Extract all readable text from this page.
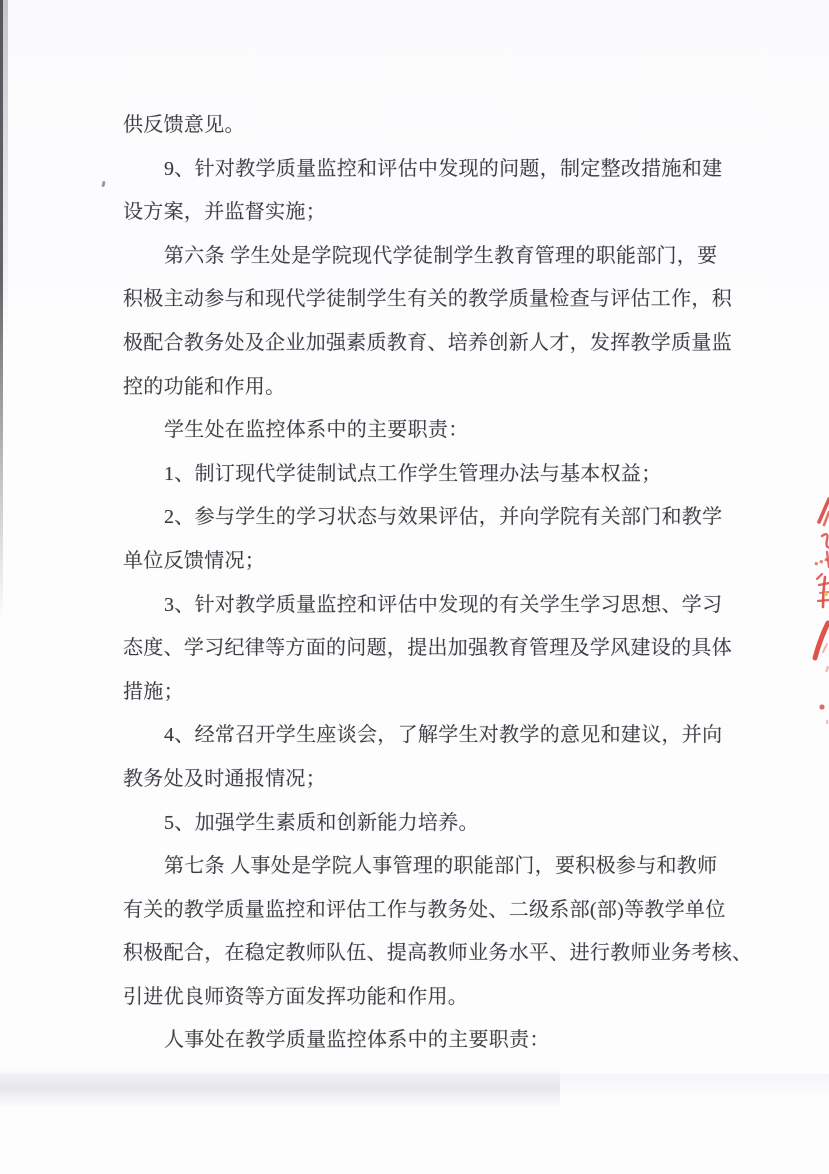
供反馈意见。
9、针对教学质量监控和评估中发现的问题，制定整改措施和建
设方案，并监督实施；
第六条 学生处是学院现代学徒制学生教育管理的职能部门，要
积极主动参与和现代学徒制学生有关的教学质量检查与评估工作，积
极配合教务处及企业加强素质教育、培养创新人才，发挥教学质量监
控的功能和作用。
学生处在监控体系中的主要职责：
1、制订现代学徒制试点工作学生管理办法与基本权益；
2、参与学生的学习状态与效果评估，并向学院有关部门和教学
单位反馈情况；
3、针对教学质量监控和评估中发现的有关学生学习思想、学习
态度、学习纪律等方面的问题，提出加强教育管理及学风建设的具体
措施；
4、经常召开学生座谈会，了解学生对教学的意见和建议，并向
教务处及时通报情况；
5、加强学生素质和创新能力培养。
第七条 人事处是学院人事管理的职能部门，要积极参与和教师
有关的教学质量监控和评估工作与教务处、二级系部(部)等教学单位
积极配合，在稳定教师队伍、提高教师业务水平、进行教师业务考核、
引进优良师资等方面发挥功能和作用。
人事处在教学质量监控体系中的主要职责：
